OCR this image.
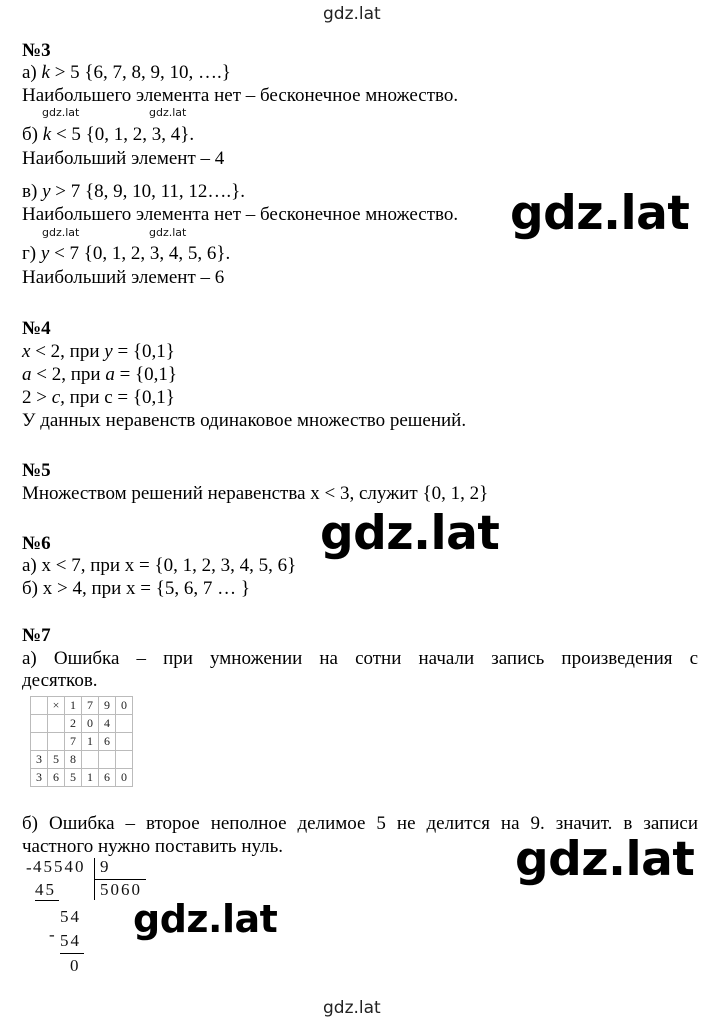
gdz.lat
gdz.lat
№3
а) k > 5 {6, 7, 8, 9, 10, ….}
Наибольшего элемента нет – бесконечное множество.
gdz.lat	gdz.lat
б) k < 5 {0, 1, 2, 3, 4}.
Наибольший элемент – 4
в) y > 7 {8, 9, 10, 11, 12….}.
Наибольшего элемента нет – бесконечное множество. gdz.lat
gdz.lat	gdz.lat
г) y < 7 {0, 1, 2, 3, 4, 5, 6}.
Наибольший элемент – 6
№4
x < 2, при y = {0,1}
a < 2, при a = {0,1}
2 > c, при с = {0,1}
У данных неравенств одинаковое множество решений.
№5
Множеством решений неравенства x < 3, служит {0, 1, 2}
gdz.lat
№6
а) x < 7, при x = {0, 1, 2, 3, 4, 5, 6}
б) x > 4, при x = {5, 6, 7 … }
№7
а) Ошибка – при умножении на сотни начали запись произведения с
десятков.
	×	1	7	9	0
		2	0	4	
		7	1	6	
3	5	8			
3	6	5	1	6	0
б) Ошибка – второе неполное делимое 5 не делится на 9. значит. в записи
частного нужно поставить нуль.	gdz.lat
- 45540 9
5060
45
54
- 54
0
gdz.lat
